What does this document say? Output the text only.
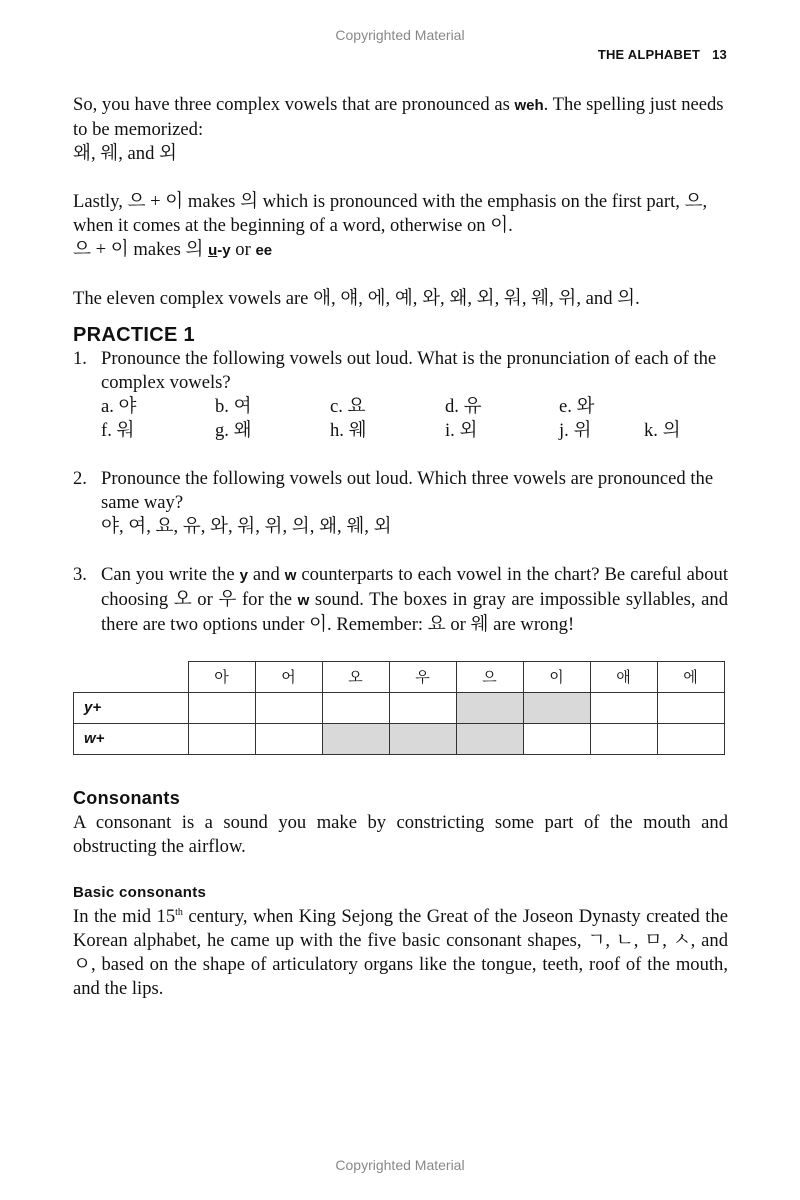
Copyrighted Material
THE ALPHABET 13

So, you have three complex vowels that are pronounced as weh. The spelling just needs to be memorized:
왜, 웨, and 외

Lastly, 으 + 이 makes 의 which is pronounced with the emphasis on the first part, 으, when it comes at the beginning of a word, otherwise on 이.
으 + 이 makes 의 u-y or ee

The eleven complex vowels are 애, 얘, 에, 예, 와, 왜, 외, 워, 웨, 위, and 의.

PRACTICE 1
1. Pronounce the following vowels out loud. What is the pronunciation of each of the complex vowels?

a. 야	b. 여	c. 요	d. 유	e. 와
f. 워	g. 왜	h. 웨	i. 외	j. 위	k. 의
2. Pronounce the following vowels out loud. Which three vowels are pronounced the same way?

야, 여, 요, 유, 와, 워, 위, 의, 왜, 웨, 외

3. Can you write the y and w counterparts to each vowel in the chart? Be careful about choosing 오 or 우 for the w sound. The boxes in gray are impossible syllables, and there are two options under 이. Remember: 요 or 웨 are wrong!

	아	어	오	우	으	이	애	에
y+								
w+								
Consonants

A consonant is a sound you make by constricting some part of the mouth and obstructing the airflow.

Basic consonants

In the mid 15th century, when King Sejong the Great of the Joseon Dynasty created the Korean alphabet, he came up with the five basic consonant shapes, ㄱ, ㄴ, ㅁ, ㅅ, and ㅇ, based on the shape of articulatory organs like the tongue, teeth, roof of the mouth, and the lips.

Copyrighted Material
